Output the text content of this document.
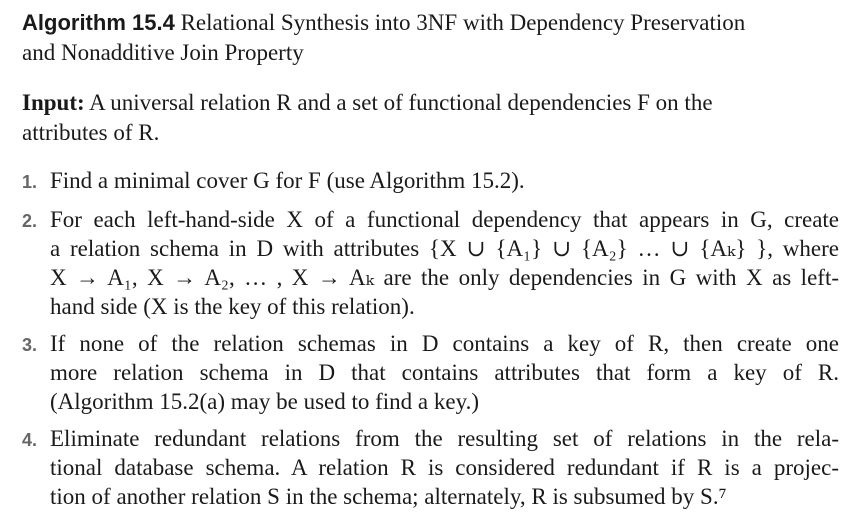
Algorithm 15.4 Relational Synthesis into 3NF with Dependency Preservation
and Nonadditive Join Property
Input: A universal relation R and a set of functional dependencies F on the
attributes of R.
1. Find a minimal cover G for F (use Algorithm 15.2).
2. For each left-hand-side X of a functional dependency that appears in G, create
a relation schema in D with attributes {X ∪ {A₁} ∪ {A₂} … ∪ {Aₖ} }, where
X → A₁, X → A₂, … , X → Aₖ are the only dependencies in G with X as left-
hand side (X is the key of this relation).
3. If none of the relation schemas in D contains a key of R, then create one
more relation schema in D that contains attributes that form a key of R.
(Algorithm 15.2(a) may be used to find a key.)
4. Eliminate redundant relations from the resulting set of relations in the rela-
tional database schema. A relation R is considered redundant if R is a projec-
tion of another relation S in the schema; alternately, R is subsumed by S.⁷
